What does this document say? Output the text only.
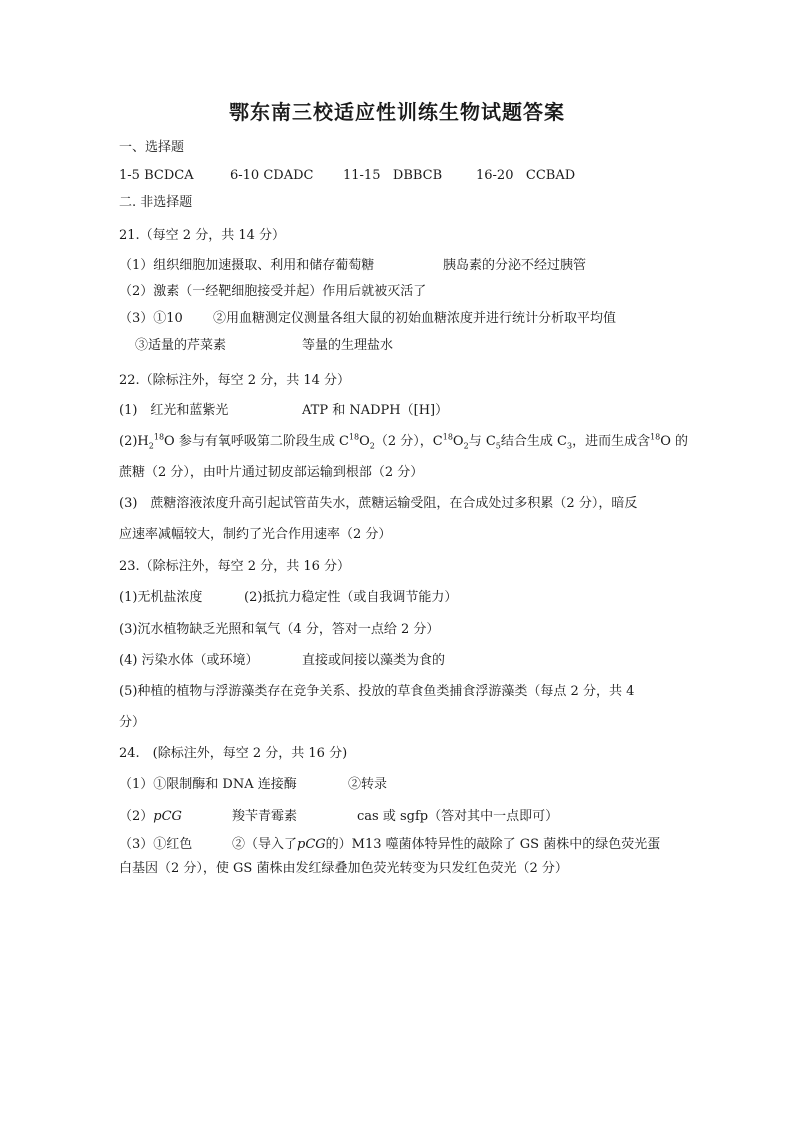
鄂东南三校适应性训练生物试题答案
一、选择题
1-5 BCDCA	6-10 CDADC 11-15 DBBCB	16-20 CCBAD
二. 非选择题
21.（每空 2 分，共 14 分）
（1）组织细胞加速摄取、利用和储存葡萄糖	胰岛素的分泌不经过胰管
（2）激素（一经靶细胞接受并起）作用后就被灭活了
（3）①10 ②用血糖测定仪测量各组大鼠的初始血糖浓度并进行统计分析取平均值
③适量的芹菜素	等量的生理盐水
22.（除标注外，每空 2 分，共 14 分）
(1)　红光和蓝紫光	ATP 和 NADPH（[H]）
$(2)H_2^{18}O$ 参与有氧呼吸第二阶段生成 $C^{18}O_2(2$ 分），$C^{18}O_2$与 $C_5$结合生成 $C_3$，进而生成含$^{18}$O 的
蔗糖（2 分），由叶片通过韧皮部运输到根部（2 分）
(3)　蔗糖溶液浓度升高引起试管苗失水，蔗糖运输受阻，在合成处过多积累（2 分），暗反
应速率减幅较大，制约了光合作用速率（2 分）
23.（除标注外，每空 2 分，共 16 分）
(1)无机盐浓度	(2)抵抗力稳定性（或自我调节能力）
(3)沉水植物缺乏光照和氧气（4 分，答对一点给 2 分）
(4) 污染水体（或环境）	直接或间接以藻类为食的
(5)种植的植物与浮游藻类存在竞争关系、投放的草食鱼类捕食浮游藻类（每点 2 分，共 4
分）
24.　(除标注外，每空 2 分，共 16 分)
（1）①限制酶和 DNA 连接酶	②转录
（2）pCG	羧苄青霉素	cas 或 sgfp（答对其中一点即可）
（3）①红色	②（导入了pCG的）M13 噬菌体特异性的敲除了 GS 菌株中的绿色荧光蛋
白基因（2 分），使 GS 菌株由发红绿叠加色荧光转变为只发红色荧光（2 分）
